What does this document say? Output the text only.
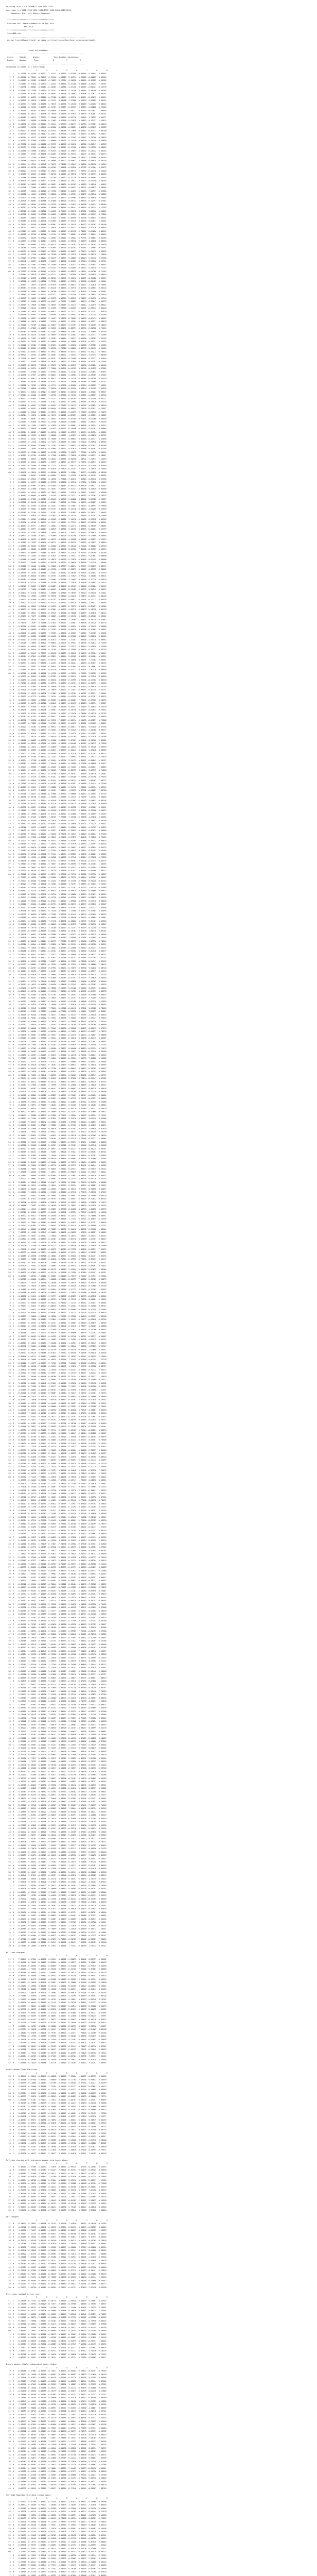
Entering Link 1 = C:\G09W\l1.exe PID= 4452.
Copyright (c) 1988,1990,1992,1993,1995,1998,2003,2009,2013,
Gaussian, Inc.  All Rights Reserved.
******************************************
Gaussian 09:  EM64W-G09RevD.01 24-Apr-2013
Mar-2014
******************************************
%chk=NMR.chk
----------------------------------------------------------------------
#p opt freq b3lyp/6-31g(d) nmr=giao scrf=(solvent=chloroform) geom=connectivity
----------------------------------------------------------------------
Input orientation:
---------------------------------------------------------------------
Center     Atomic      Atomic             Coordinates (Angstroms)
Number     Number       Type             X           Y           Z
---------------------------------------------------------------------
Condensed to atoms (all electrons):
1        2        3        4        5        6        7        8        9
1  C    0.12158 -0.51205  0.01277  7.57742 -0.17835  5.62509 -0.84684 -5.29844 -6.84045
2  C   -0.64760  8.78241 -0.75847  0.91140 -1.61523  0.34374 -6.59225 -0.10869  0.09410
3  C    0.54567 -0.29989  0.85249  0.76825 -5.27924 -1.96528  0.30565 -0.55225 -0.81962
4  C    3.61883  0.91036 -0.12347 -1.22325 -0.09854 -0.47188  0.48606 -4.59294  7.16752
5  H    7.20790  2.80581 -0.95181 -0.28502 -2.12886  0.47448  0.91287 -2.80427 -0.11776
6  H   -0.87483  0.17498 -7.49794  0.79251 -0.95120  4.14146  3.20645 -5.40346 -0.66265
7  C   -9.57999  6.61463 -0.70879 -0.89591 -0.02336 -0.28867 -4.07896 -0.72671 -9.98191
8  C   -0.19323 -0.04393 -9.83110 -0.97188 -3.24434  4.33916 -0.46411 -8.45679 -0.83424
9  C   -0.39193  0.20078 -2.45602  8.12131 -0.15688  7.97968 -0.02323  0.35582  9.34131
10  C   -0.04733  5.74606  0.90158  2.70319 -0.11948  9.45456  0.30463  5.01252  0.00446
11  H    0.44368 -0.26196  9.80959 -6.91761 -0.66283  0.05539 -9.56833  0.02888 -0.22203
12  H   -5.34345 -3.89163  0.19841  0.66046 -0.31164  7.88272 -0.82992 -0.03042 -1.95936
13  C   -0.94498  0.48312  1.06696 -0.79030 -0.55356 -0.93615  4.56970 -9.42087 -0.44197
14  C    0.46485 -5.40175  7.73731 -2.35408  0.60525 -0.82776 -7.31962  1.76595 -0.44777
15  C   -6.81387  2.38486  0.41556  0.17082  4.17858  0.21839 -3.28815  0.13427 -2.19522
16  H    0.54578  0.22034 -0.82584 -2.44444  5.07733 -1.00171 -0.11754  0.77661 -0.50413
17  C   -0.29639  9.54758  2.28541 -0.89480 -0.68686 -0.38221  0.43836 -5.69213  0.32185
18  C   -0.99973 -0.08294  0.23920 -0.82344 -1.35048  9.21656 -0.66567  6.83213  6.96708
19  H    0.82729 -3.80410 -8.74117 -0.25877  8.97728 -7.13263  0.41443 -0.50932 -0.34871
20  C   -0.06704  0.56173 -0.82128 -0.83659 -0.70581 -0.77462 -0.79611 -3.75206 -0.79818
21  H    0.34397  0.47990 -4.97351 -4.89000 -0.13703  0.73140 -0.00716 -5.50249  0.38609
22  H   -0.79352  0.51421 -0.20480 -0.99995  0.44976 -0.94210 -1.13786 -9.66547 -1.42353
23  H   -8.32759  5.97402 -0.54240 -2.27461  3.81713 -0.17166  0.58154  5.91950  0.18055
24  H   -0.81696 -0.23968  0.03925 -9.92524  0.24525 -5.19033 -5.19942  0.26722  0.68194
25  C   -9.74511  7.37543 -0.98456 -0.63465  0.99716 -0.95334  1.31147 -0.76174 -0.05174
26  C   -9.41221  4.11780  0.89853  7.65929  0.40905 -0.74000  0.10117  1.65586  9.36283
27  C   -6.49186 -4.08325 -0.31767 -0.50068  8.45122 -0.99632 -3.70688  9.68939 -0.58238
28  H    1.17644  0.12291  6.19942  6.70473  3.73268 -9.13649  0.98256 -0.06156 -0.24354
29  C   -0.49876 -0.66736 -0.66518 -0.02309 -7.90458 -0.64630 -0.67705  0.17904  0.02072
30  H    6.80624 -1.92713  0.26523  8.19873 -0.50408 -0.86713  2.73937 -6.11746  4.26440
31  C    3.16281  5.03644  0.44204  7.48740  4.11411 -0.98970  2.73791  0.96733 -8.84405
32  C    3.27966 -0.80669  0.59981 -7.61180  6.16512 -0.57236  0.35338  0.46564 -7.32802
33  H   -0.99420  0.24049 -0.37873  8.02461  0.30976 -0.29812 -0.75273 -0.64150 -4.58256
34  C   -5.45267 -0.28692  3.15055 -0.56651  0.94492  0.65183 -0.16183  1.58248 -1.41015
35  C   -6.27718 -1.72865  5.26843  0.38499  0.46330  8.60537  9.34731  0.85872  0.50904
36  C    0.15969  7.24623 -0.41620 -0.71958  2.83625  5.44033  0.38263  7.12997  0.59686
37  H   -6.33668 -4.15441  0.07233  5.58050 -1.92858 -1.55701 -0.49097 -0.65546 -0.18003
38  H    4.67524 -9.32562  0.94925 -0.75125  0.58323 -0.05965  9.00343 -0.80838 -4.20405
39  H   -0.02439 -9.06987 -0.01386  0.87080  0.08720 -0.50733 -4.86634 -0.71491 -0.57487
40  H   -0.11559 -0.48594 -4.52795 -0.44239  0.83140  4.21022 -8.80298  3.59534  0.83188
41  H   -0.55297  0.74756 -0.29965 -3.36566  8.09645 -0.98447  0.08355 -0.70234  3.12183
42  C    2.86900 -8.21005  6.61626 -9.44222 -0.72497  0.38112  0.47281  9.08110 -0.14012
43  C    8.42310  0.64696  0.57300 -0.54005 -1.48980  0.21534  0.50352 -0.96343  0.72804
44  H    1.44119  7.00823  6.13495 -5.37620  0.97587 -0.80590  0.31768 -9.89815  5.40141
45  C    0.92689  0.81590 -0.55640  0.01985 -3.19539 -9.57279 -9.05718 -5.84611 -2.65561
46  H    0.73354 -4.95456  0.98306  9.03961  0.69935 -9.39420 -5.06173 -0.79103 -6.58196
47  H    0.39214  7.60571 -4.77992  4.78918  0.91525  4.85331 -0.56393  1.62526  0.96802
48  C   -0.27107 -0.16293  1.65381  8.12620 -0.86319 -6.89198 -0.78887  0.64026  0.88215
49  C   -0.58912  0.35750  6.10708  1.21116 -0.79029  7.90081 -0.07605  7.10074  0.50649
50  C    0.02442  7.60134  0.25922  5.46382  0.46111  5.46622 -0.72795  0.58801  0.81550
51  H    0.52633  0.07583  6.60314 -7.32570 -0.52257 -0.98130  6.56679  4.16058 -0.86366
52  C    0.68822 -0.96084 -7.10717  0.94475 -0.78455 -0.76283 -0.37279 -6.26783  0.55436
53  C    8.74288  5.32845  6.58479 -5.01895 -5.53215 -0.63383 -3.41041  1.19985  0.52957
54  H   -0.84757 -0.63448  0.76173 -0.78239  5.35631 -0.00257 -0.73573  5.76115  0.33035
55  C   -2.61291 -6.17138  0.85212 -0.79180  5.49889  0.23519  4.36960 -9.68270 -1.78026
56  H    0.77509 -0.87963  5.53104 -8.32579 -2.94393  0.48865  0.43013  5.91770 -9.27658
57  C   -0.55942 -4.60537  3.02958  4.96493  1.44762  0.87269  8.67224  0.95376  0.29751
58  C    3.95679 -0.77807 -8.67455  0.74480 -9.53635 -3.82527  0.18652 -4.81053 -3.60562
59  C   -0.43986  0.73104 -0.22357 -0.61234 -9.29090  0.03605 -0.58111 -0.16330  2.77152
60  H   -0.77591  0.43100 -8.82665  0.93741  0.13815 -0.88539 -0.70111 -0.61766  8.71142
1  H    4.92464  0.38970 -0.36103 -0.61211  5.38212 -7.82656  0.70923  0.66820 -6.58839
2  C   -0.93721  0.82320  0.16180 -0.00784 -6.23971  0.41216  0.45857 -0.31188 -0.02267
3  C    3.36308 -0.12653 -9.61806  3.73705  0.34913  0.91510  0.39258 -0.30483 -0.11541
4  C   -1.37603  7.19513 -0.82049  0.97078  0.85876  0.86814 -0.16157  3.12826  0.76048
5  C   -0.88363  0.02184 -0.45747  0.81426  0.45430 -0.54970 -0.61748 -0.20653  0.06216
6  C    0.61056 -0.29981 -0.10113  6.38700  0.61104 -6.77932 -0.01835 -2.74400 -0.82881
7  C    0.33881  0.44693  0.61271 -0.67317 -1.58651  4.03198 -5.92567  0.28615 -0.26928
8  C   -4.45799  0.16029 -0.24803 -0.31272  0.13904  9.83813  0.24057  0.54372  0.19714
9  C   -1.19813 -2.55496 -0.46731 -0.43427  0.75721  1.68853 -1.00574 -6.93047  5.64275
10  C   -2.44959  0.19858  0.09684  0.28935 -0.68069 -0.34415 -7.50412  4.21519  0.08522
11  C    2.09628 -9.28112  0.62345  0.44456  2.63606  0.84603  2.16521 -0.78542  3.83428
12  H   -0.21485 -0.16025 -0.22701  0.98813  6.20971 -0.71121 -0.02076  0.27257 -1.02829
13  C   -0.05558 -9.85502 -5.34765 -3.08308 -0.87403  0.45942 -0.80177  5.52255 -0.34269
14  C    0.91598  0.58997 -0.09705  9.19427  0.66132  8.70285 -0.20676 -0.17474  3.98422
15  H    7.38880 -0.18075  4.53112  7.39240  0.35657  5.15201  0.54415  0.45577 -0.99678
16  C    0.74028  3.25789  0.55122 -6.32819 -0.90533  6.47257 -0.91332  0.51169  0.28033
17  H   -0.49341  5.47865 -3.14155  0.94522 -8.34491  0.88991  0.58756  0.20908  0.75454
18  C   -0.05384 -0.48366 -0.59362  6.52383  0.83460 -0.31857 -0.41701 -3.10099 -2.84259
19  H   -0.24048 -0.34216 -0.81187 -8.50849 -0.94126  0.52683  7.48277  0.13317 -2.12389
20  C   -0.18520  0.77891 -0.45657  3.55281 -3.90484  7.38237  0.43280  1.99383 -7.52143
21  H   -0.42094  0.76436  0.46613  0.56090  8.51140  6.20808 -0.47578 -0.19171 -0.13192
22  C   -5.15226 -2.32184 -7.90706  0.87094  8.51509  5.09036  0.16358 -7.49983  0.12483
23  C   -0.32607 -8.83565 -6.03609  9.82930 -1.73328  2.48603 -0.83770 -3.70499 -0.25104
24  H   -0.67447 -6.03361 -5.34311  0.29811 -0.08140 -0.83333  5.85511  6.44273 -0.70643
25  H   -8.99923 -4.34782  0.44805  0.36587  0.30632 -1.50352  7.24254 -3.04432  7.88280
26  H    9.17318 -0.60622 -0.92195  0.66151 -0.34969 -0.74566  6.09396  0.33277 -5.87894
27  C   -9.32622 -7.53489  0.23840 -0.30263 -1.29672 -8.47659  0.97551  0.31181 -0.17446
28  C    6.55195 -8.08676  7.37740 -0.53272 -0.74350 -0.09215  7.05298 -0.69684 -0.05166
29  C   -0.62170 -0.55574  0.42175 -7.75660  0.91376 -0.41122  0.60742  0.14252  0.07062
30  H    0.63793  1.47308  6.17593  5.91992  0.53964  4.11163  0.52754 -1.97651 -7.02675
31  C   -0.16538  0.47947 -0.08831  0.00851 -0.46462  5.16984 -0.20718 -0.09389 -0.67401
32  H    8.90209 -0.89877 -0.73918  0.50477 -5.49640 -9.14746  0.98969  0.89208 -0.44216
33  C   -1.29484 -0.06764  0.43660  0.81532 -0.24011  7.76466 -9.25060 -0.20889 -4.57742
34  C    9.18210 -0.73702 -1.96776 -0.17711  0.97630 -4.89626 -0.17984 -0.66223  7.54561
35  C   -0.71362  1.98020 -0.57141  3.36120 -9.06559 -0.42290 -4.10434  4.14789 -2.92910
36  C    5.98474  4.35014 -0.47124  0.20069 -6.35614  0.08158  0.45105 -1.69204  0.39367
37  H   -7.07227 -0.62480  0.24569  7.43750 -5.87406  0.72136  0.62065 -5.68527  0.06740
38  C    4.00137  5.67953  7.58402  5.51732 -3.23663  0.89765  2.40364  0.54398  0.35171
39  H    0.65514 -0.51141 -2.72608  5.81421 -0.81352  0.15985  4.89189 -0.24526 -0.31510
40  C    0.94048  6.49451 -9.27589  6.04424  6.77589 -0.16735  0.02762  0.02054 -0.90218
41  C    0.06482  0.04437 -9.16418  0.98494 -9.67618  0.88024  7.75420 -8.87011 -6.74957
42  H   -1.26166  0.92642  0.86584 -0.20914 -9.40501  8.44599 -9.77298 -0.60372 -0.75072
43  H   -3.05324  9.19076  1.16727 -0.76175  6.04621 -0.87057 -1.25592  0.93831 -3.20825
44  H    1.13769  4.60597  0.23747 -5.30933  9.94907 -0.64180 -9.71931 -0.04486  4.60408
45  C    0.87903  5.81850  0.77744 -0.33766  0.81678 -0.03084 -1.15081  5.88743  9.20139
46  C   -6.11317  0.17404 -7.88032  0.47855 -9.72977 -0.00681 -0.00566  0.18124 -3.55213
47  H    0.38031 -3.50026  0.53386 -1.62543 -6.02752  0.16486  0.83164  9.03781 -0.40886
48  H   -8.69324  2.88203 -7.04475  0.02918  0.29165 -0.63313  9.09174 -8.34534  0.53081
49  H   -0.14416 -0.22223  0.19147  1.58668 -2.21871  4.07879  0.22076 -0.90670  0.82799
50  H    6.97771 -5.54167  3.64678 -0.76560  0.72737 -0.86644  0.01948 -0.20777  0.55058
51  C    0.83549 -0.12118  0.25342  0.72473 -0.68255  8.71065 -0.71202  0.95978 -0.85365
52  C    0.92948  0.33505  8.88563  0.11193  0.69127  2.06824  0.38699 -0.02812 -0.93788
53  H    8.99494 -3.18493 -9.95328 -0.43965  8.54707  0.97625  4.24906  0.45383 -0.82794
54  H   -0.96433 -8.12980 -0.51553 -0.41768 -0.27250  3.15072  7.77126 -1.94976  0.90494
55  C    4.42927  0.61794 -0.86342  0.17168 -4.00214 -7.76638  0.32636  0.56311  0.18051
56  C    8.18810  1.90329 -1.93296  0.58152 -0.42351  8.90398 -1.18741  7.21914 -7.11094
57  C   -4.35451  0.04615  0.82199  4.35279 -6.44847 -0.46777 -0.71251 -0.46547 -0.66494
58  H    0.22953 -6.35580  0.76886  0.17124  3.37003 -7.09174 -0.12778  0.62440  0.01650
59  C    2.89052  0.80563  0.60411  0.82028  0.71425 -6.54793  2.21871  4.29810  0.73446
60  C    2.55470  0.28954  0.99331 -0.88306  0.33728  3.55864 -7.06773 -0.01838 -0.96168
1  C    1.22608  1.06267 -3.81267 -0.05604  7.36257  2.42550  0.85790  0.14395  4.03404
2  C   -8.56447 -6.39249 -7.69787  0.10996  1.72840 -7.04612 -7.19925 -5.89146 -6.57956
3  C    0.94176 -2.49477 -8.50180 -0.53936 -4.03438  6.19316  6.27666  9.79638 -0.15193
4  C   -0.44496  0.67682 -0.48047 -0.67685  6.30881 -0.88134 -0.88328  5.66427 -0.82543
5  H   -0.78435 -0.31098 -4.81644  0.28391 -2.85931  0.57427  8.89206 -5.01620  0.94500
6  C   -0.54324  0.26243 -0.19321 -0.70029 -1.23011  1.55916 -8.75857  3.61917 -4.02366
7  C   -4.38452  9.09405  0.30459  1.42155 -1.45790  0.13211  0.48202  0.11383  0.16333
8  C    3.38666 -0.37623 -0.69813 -0.82455  0.52845 -9.84808  0.88260  5.25720 -6.23337
9  H   -3.66212 -0.34140 -0.09642  4.67481  7.08342  0.79900  0.61599 -0.03821  0.12034
10  H    7.74074  6.37363 -0.19276  0.23431  2.39575  0.73661  0.78714  0.48993 -0.79698
11  C    3.45945  0.99833  0.41409  0.61791  0.44931  0.45148 -0.90642  3.26209  0.47036
12  H   -0.69381 -0.22764 -0.72649  7.97291 -0.07605  3.81893  0.93654 -0.38741 -7.50463
13  H   -0.57359 -3.05976 -0.13919 -5.67052 -3.79690 -0.44130 -1.34594 -0.47192  0.12696
14  C   -9.29184 -3.53961  6.88340  0.44463 -6.90021  7.16478 -0.64451  0.73318  0.05943
15  H    3.07296  0.43705 -2.50077  0.12247 -0.64284  0.73794 -0.80873 -8.52358  0.81854
16  H   -6.48097 -0.87277  2.98645 -4.28601 -1.70250  0.43172 -4.49846 -9.38409  7.68501
17  C    3.46614 -0.59977 -0.04204  4.88949  9.43801 -3.56490 -0.49835 -0.42004 -0.22797
18  H    0.47044 -0.51401 -8.33848  2.76355  0.84129 -2.99537 -6.02915  0.40029  0.66070
19  H    3.83873 -8.73208  9.54072  4.82999  7.01226 -0.81100 -3.25283  9.23808  9.60965
20  H    0.06670  0.94239  0.56293  0.58419 -0.81590 -9.34088 -6.34585  6.99897  0.57013
21  C   -0.37105  0.75253 -6.44470 -0.90772  2.09679 -0.89720 -7.96253 -0.79613  0.60934
22  H    3.55658 -8.30436 -3.39575  0.01080  0.06807 -3.36128  0.72428  9.48062  0.53769
23  C   -1.15681 -4.38606  8.16658  0.56369 -0.13578  0.81702  7.80101 -0.07369  0.13219
24  C   -3.83831  0.06999  1.51389  0.40357 -0.70434  0.77829 -0.82755 -6.08299  4.97788
25  H   -0.89941 -0.12563  0.25104 -0.41024 -0.23638 -3.10331  0.57662  9.67687 -0.66800
26  C   -1.87106 -0.36497  0.07239  0.26079  0.81749  0.73016 -0.42095 -9.07459  0.03608
27  H    0.26542 -7.28284 -0.61294  0.04356 -0.06743  0.56026 -0.86349  7.97128  1.59388
28  H    4.52006 -9.25446  0.55924  0.19002 -0.37879 -9.00274 -0.97937  8.16015 -0.82275
29  C   -0.37427  0.14848 -3.43167 -0.49120 -1.22762  6.38675 -4.04415  0.03192 -3.98002
30  H   -0.58995  0.19103  0.89588 -1.54407 -0.46262  0.28205  0.92929 -0.74652 -0.57253
31  C    2.43236  6.03438  0.41837  0.52755 -0.52583 -2.72625 -0.76222  3.26380 -0.09325
32  C   -0.84384  0.93508 -5.96691  1.41084  0.87680  3.75892  0.66305  5.77778  0.66329
33  C    8.83376  6.61274  5.11188 -0.35700 -0.80750 -2.23020  3.84096  5.94093  0.13537
34  C    0.30761  2.94359 -3.38237  8.04887 -8.44170 -0.59405 -9.38580 -6.67884 -6.46159
35  C    0.23751 -1.71836 -0.85484 -0.09045 -3.50489 -0.22485  6.14772  0.56345 -0.94672
36  H    0.51874  0.51578  0.06631 -7.30898 -5.17816  8.78395 -6.65724  0.65230  0.11641
37  C    4.78472 -0.19350  1.22745  8.55376  4.99528 -0.31216  3.24871 -0.33344 -6.48140
38  C    7.03121  6.61060  0.71571  8.91752  0.02870  0.66977 -0.71591 -0.17773  6.05316
39  H    1.49477 -0.41213 -0.60543  0.55724  0.65613 -5.80376 -3.86840 -7.38572 -7.96065
40  C    5.89146 -0.50436 -3.65346  0.51235 -6.61403 -0.75079  8.61471 -0.83697 -0.26586
41  H    0.38633 -0.73290 -0.05171  0.67681 -0.15229  0.89310  0.50433  0.18758 -0.84728
42  H   -3.91084 -0.28911  0.32932 -6.59242  5.47668 -0.76600 -9.45919  2.54818 -7.68724
43  C    0.47297  6.72677  0.03082 -3.90869 -0.49363 -9.19436  0.50455 -3.45122  0.33401
44  C   -0.87954 -5.20370  6.76252 -8.20542  9.39866  2.78464  1.08831 -0.50730  0.52882
45  H    0.73039  7.18167  0.70388 -5.47025  0.99013  1.54861 -5.09628 -0.53420  0.03176
46  C   -0.36728 -0.65492 -8.55418 -0.02094  0.83618 -7.03824 -9.12551  9.75429  9.84808
47  C    7.38846 -8.68030  0.73291  0.23303 -0.86150  0.65920 -0.06908 -0.42904  0.56697
48  H   -0.65276  0.44304  3.51595  7.27229 -1.83145  0.15535  7.55367  7.27709 -5.61265
49  H    0.89339 -0.65382  0.80927 -0.54452 -8.38640 -0.27062  0.44349  9.58016 -4.80135
50  H   -0.92517  0.57459 -0.48388 -0.32913  2.76955 -1.31361 -1.96056  2.55710 -0.89952
51  H   -7.07210  7.18836 -0.89421  9.96854  8.61171  6.49357  0.68240 -0.12612 -0.71448
52  C   -9.03344  0.50933  8.58213 -0.12829  3.15243  2.13512  4.06019 -5.64026 -2.27486
53  C   -0.38263  0.89429  0.16568 -6.73705  1.88555 -0.25989 -0.43878 -6.19727 -0.03730
54  C    4.00377 -0.62111  0.79979  0.09518 -0.04359 -1.10340 -8.95199  0.73764 -5.94547
55  H    4.06404  6.67841 -0.87525 -0.93891  1.31164  5.81902  8.08359  0.24264 -0.42391
56  H   -0.76710 -9.38786 -7.91547 -0.96735  7.06636  0.10696 -0.96391  7.77984  9.86951
57  C    0.50334  2.56541 -7.33050 -1.44453  0.93591 -4.30221 -1.44093 -8.47677 -3.68133
58  C    0.65597 -3.44942 -5.57785  8.56944  0.44246  6.67884 -0.51615 -0.78867  0.76392
59  C    7.21665  8.06147  9.13263  0.62326 -3.35468  8.02512  0.61891  2.82176  0.00658
60  C   -0.56500 -0.81488  3.40586  0.11128 -0.36699 -4.76955  0.76905  9.51269 -2.01903
1  H   -0.32132 -0.69569 -3.56061 -9.07382 -9.17550  0.30479  2.65818  0.17540 -8.30650
2  C    0.26135 -8.42438 -8.86557 -0.68536  8.95576 -0.33990  4.71948 -0.27382  0.85490
3  H   -9.71305 -0.00205 -1.45962  0.69572 -0.11897 -0.41721 -0.32244 -0.32193 -2.62526
4  H   -6.92130 -5.51063 -4.36746 -0.39856 -0.11552 -0.67404  9.87603  0.96818  6.25703
5  H   -0.31470 -0.51209 -0.35767  0.79059  2.33102  5.13057  0.99597  9.43338 -6.34731
6  H   -8.82236  5.28378 -0.35936 -5.57802 -0.48669 -0.41764  4.14781  0.35271 -7.16667
7  H   -6.23122 -0.07773 -9.66504  2.16744  6.81884 -0.43528 -0.51746 -0.57701  9.66315
8  C    8.26835 -0.98683  0.33325 -0.96602 -0.48956 -8.05281  7.78172 -0.23302 -6.28995
9  H   -4.64463  0.60973 -0.46628  1.84045  3.63177 -0.64493  0.81403  9.86994  2.69007
10  H   -0.28097  5.57630 -1.12003  0.77186 -6.92010  0.85441 -4.16049 -6.26835  0.24520
11  H   -0.48070  1.84028 -0.98046  4.94967  0.56093 -0.46158  3.41007  0.03043  0.70544
12  C    0.11535  0.07534 -0.63338  7.54595  0.26397  0.73426  0.70866  6.56310  0.52783
13  H    0.16767 -0.81163 -0.03991 -8.99871 -4.03867 -0.97165 -0.87482  0.65205 -0.36635
14  H   -0.40398 -7.05298 -0.46547 -0.99312 -7.82099 -6.22514  6.21433 -0.43297 -0.79808
15  C    0.69053  0.75855  0.97266  9.87183 -0.95097 -0.44673 -0.06801  0.87655 -1.06867
16  H    5.56121 -3.52195 -9.16890 -0.96512 -6.20353 -0.08011 -0.60442 -9.07030 -0.37296
17  C    0.89034  1.78524 -0.28843  0.40304 -6.85314  0.54526 -5.47214  2.10108  0.69377
18  H   -0.90559  4.92678  1.85185  0.71514  0.55168 -3.54578  3.17353 -0.51895  1.98251
19  H    0.71772 -2.30718 -9.09611  4.09439  0.49186 -0.63765 -1.39583  0.52926 -0.16198
20  C   -7.64420  0.66883 -6.16032  0.51680  6.84619  0.87507  0.66840 -0.20700 -9.85682
21  H   -8.39669 -8.88932  8.37526 -0.22820  0.60526  0.84406 -3.01912  0.30315 -0.72348
22  C    4.85802 -6.13872 -1.84739 -9.42850  7.66118 -8.10922  0.72109  0.79426  0.09993
23  H    4.65081  0.59895  0.38507 -0.81851 -0.83897  2.00249  0.10160  1.49048 -0.00309
24  C    7.21622  4.47051  0.76301 -0.09499 -9.56910  9.82510 -0.92473 -0.82383  0.96127
25  C   -0.30630  0.33168 -9.08942  8.11343  0.35742 -7.66607  0.35491 -2.78712  0.24610
26  H    4.12174 -1.97788  0.54822  0.23044  0.57726  3.54132 -0.41427 -0.88843 -5.25137
27  C   -3.88383  3.33959 -0.20502 -7.95430 -3.01483 -0.10589  0.77900 -0.06656 -0.91417
28  C    0.17474  4.39266  7.51115 -0.49465  0.13407 -6.71365  5.95216 -0.85631  1.09859
29  H    9.10194  0.11196 -2.93270 -0.50303  7.66641 -0.82995  9.54124  5.13915 -0.71848
30  C   -3.36351  6.05127 -0.23323 -0.75266  4.04870 -0.58781  1.45850  4.08316 -5.16461
31  C   -0.23773 -4.57776  6.28764  0.97251  0.89444 -0.69186 -7.24666  8.94796 -4.75454
32  C   -2.07527 -0.63848 -0.30605  0.81444 -0.43750  0.48134  0.04011  1.89403 -7.49777
33  H    0.71105 -9.06113  0.51170 -0.04785  0.99548 -0.62991 -0.15860  4.34114 -0.12269
34  C    2.89609 -0.52611  5.57339 -9.53858  0.15017 -9.94770  2.28601  0.80794  0.32349
35  H    8.92344 -0.61577  3.43201  0.16161  7.98174  1.21339  0.67701 -0.28627 -7.85708
36  C    0.58716 -3.66427 -0.13688 -8.47668 -6.96313 -3.98868 -3.01012 -0.15583  4.31739
37  H   -0.40990  0.06758  0.37017 -4.40406 -2.65389  0.25325 -0.71165  7.16452  0.34003
38  C    0.04314  0.01343 -5.12174  0.93548  0.30700 -0.07663  6.98182 -3.06842 -0.99294
39  C   -8.74700  0.05752 -0.34565  6.81216 -0.83718 -0.06134 -0.44805  4.71819  0.64889
40  H   -5.02932 -8.43347 -0.09940  3.46193 -5.18913  8.85528  2.87912  4.53669 -0.59251
41  C   -9.21802 -9.17567  9.61154 -0.59428 -0.07770 -0.27923 -0.06306 -8.11908  4.61874
42  C    0.15881  0.19906 -2.81276  0.37214  4.06207  0.21600 -7.66392  0.15039  0.47253
43  C   -1.56147  0.57443  0.98195 -7.60725 -7.77066  7.35400 -0.93938 -1.47076 -6.40784
44  C   -0.16915  0.42459  5.96519 -0.73978 -0.52258 -0.65312  2.26629  0.28951 -0.58795
45  C   -0.47897 -0.10848 -0.11042  0.05843  8.67190  0.26649  0.57731  7.13229 -2.64017
46  C    4.63786  1.54235 -5.52435  0.07217  7.93484 -3.63803 -5.60185  0.74755  0.02853
47  C    1.34422 -0.12677  2.27255  0.33231  8.05684  6.35022 -0.59943  0.83074 -0.30906
48  H   -9.54715  9.68244  0.00257 -4.26578  3.79098 -0.76543 -5.83625 -0.00634  0.27258
49  C   -8.09799 -0.27058 -0.86923  6.78215  0.26072 -0.57875 -7.41178  9.70876 -0.75123
50  C   -0.17774 -0.73832 -3.13306  0.45533 -2.59568 -5.81464 -7.07888  6.45113 -0.86814
51  H    5.64909 -0.73744 -1.15921  7.50454  0.77527 -0.97976 -4.15852 -1.74991 -0.84336
52  C   -0.14357 -0.86670 -0.13510  0.89074  0.75403 -0.76097  3.50977  0.35624  8.53275
53  H    7.27683  0.42328  0.80817 -5.37389  0.11499 -0.46925 -0.26542 -0.43403 -0.43185
54  H   -0.08676  0.60780 -0.62562 -5.77143 -1.10974 -6.09825  0.91396  0.40621  0.49856
55  C    0.29581  0.19922 -5.16710  0.54308  8.10691  0.97748  5.49614  0.73698  6.75369
56  H    6.84036 -0.80864 -5.74983 -0.81252 -0.23729  0.80501  0.56130 -0.57335  0.83314
57  C    9.23603  8.37303  3.04501 -5.76037 -0.44629  8.66590 -0.76086  0.47383 -1.45396
58  C    3.41667  0.76051 -0.18073 -0.53143  0.02939  0.41531 -0.31193 -0.53584  5.48388
59  C   -0.47535 -6.00746 -6.29432 -5.36720  5.16898 -0.92537 -3.94384  0.60468  7.60177
60  H   -5.70662 -0.21560  0.50777  0.58711 -3.97342 -0.71718  0.39302  9.57956 -0.18287
1  C   -1.72659  6.50506  7.06181 -4.99460  2.43459  0.70739 -4.00334 -1.82107  0.30567
2  H   -9.17147  8.80298  0.47816  0.12334  2.10905  0.17296  0.70086 -6.99228 -0.81742
3  C   -7.36223 -7.17584 -0.18248  0.74562 -0.13080  4.72197  0.20894 -6.73654  0.21947
4  H    5.86163 -0.29746 -0.02265  0.47233 -0.71377 -0.22291  0.11775  1.84739 -0.21946
5  H   -0.80802 -5.32176  0.58111 -9.99014  0.67806 -0.66675 -0.31964  0.98089 -0.06632
6  C    0.26025 -0.83531  0.67078 -0.26716  1.86660  0.26806  0.52023 -5.87671  8.94959
7  C    0.45147 -2.50060 -5.33891  0.21726  9.91041 -0.63230 -9.24357  0.88029  8.06336
8  C   -3.14626  9.95165 -4.87226 -0.07044 -2.48302  1.89060  0.37745  0.93416  8.46828
9  C    0.25210 -7.35434 -9.10211 -0.61791  3.88383  0.50373 -0.83977 -0.95076 -0.32307
10  H   -0.74342  0.62605 -0.99420  0.56867 -0.80878  0.67591  3.06687 -2.62123 -7.83608
11  C    3.96356 -0.70435 -0.89353  0.74240 -0.73485  7.73500  0.62547  9.93904 -2.44659
12  H   -0.92735 -5.84636  0.71898 -4.73285  3.07699 -9.87449 -0.03774  0.07040  3.98714
13  C    0.83485  0.16419  0.42974 -6.40098 -0.27990 -0.46496 -0.35579  0.59084  8.44041
14  H   -0.84174  0.20262 -8.04458 -7.27178 -9.48251 -0.48002  0.25775  9.93467  0.49256
15  H    5.55238 -5.49580  0.78799  0.00043 -0.22206 -0.37215  7.59662  0.30916  8.93647
16  C   -0.98040  0.19770 -4.28721  4.24280  0.41103 -0.22157  0.92155 -0.72750 -4.77383
17  C   -0.19557 -0.45059 -0.38669 -0.64582  9.44830  0.26182 -8.92378  7.66178  0.89181
18  C    0.53320 -7.96931 -0.86986  6.35408  6.32442  1.82973 -0.61423 -0.40115  0.99506
19  C   -3.55838  5.59919  0.26374 -4.04861 -9.02683 -7.60588 -0.27958 -3.83805 -9.14549
20  C    1.68193 -8.30658  1.93124  0.81979  7.77726  8.32373 -0.99158  1.45370  0.78644
21  C    0.83986  5.06644 -4.21219 -7.33856  0.70454  0.51124 -0.32609 -0.22720  5.36291
22  H    5.41872 -9.15826  0.34047  0.70581 -3.87689 -0.24868  6.29012 -0.54474 -6.34122
23  H    0.08288  0.89576  7.68304 -0.49701  0.38377 -0.93504 -0.20652  9.64378  0.00977
24  C   -0.69144 -8.05521 -0.03277 -2.74417 -1.72445  4.45988 -0.54258  0.66433 -6.49331
25  C   -4.53935 -0.39620 -0.36522 -0.41037 -0.21066 -0.85251  0.72580  0.62304  1.97231
26  C   -6.18176  0.56199 -8.27812 -7.62877 -0.40370  0.79292 -0.70388 -0.94347  0.39513
27  H   -0.22737 -9.00094  1.28832 -0.15294 -1.65166 -0.17945  5.69642  0.10680 -7.28472
28  H    4.90072 -0.04787 -0.19976  0.07994 -5.38254 -0.73875  0.95730  9.52846 -0.58716
29  C   -0.10164  0.00136 -7.61891 -1.44487  2.48637 -0.15042 -0.65030  0.25517 -0.22413
30  C    0.65398  0.05626 -0.10309 -5.36094  5.59705  0.46826  0.84390 -0.66478  1.32202
31  H   -7.92773 -0.03751 -7.90475  0.01006  0.46285 -0.07407  0.57215  2.78026  0.84605
32  C   -5.34174 -9.52778  0.79940 -8.08505  0.17413  0.06828 -2.12466  0.39362 -0.01469
33  C    0.20207 -0.10313 -8.95190  4.09456 -1.64498  0.22245  1.13520 -0.22162 -2.33976
34  C   -4.69136 -5.31773 -8.43381 -0.78668  6.25995  0.97488 -0.11626  0.43191  0.33018
35  H   -0.08245 -0.46710 -0.31061 -9.21596 -7.93904 -0.71765  4.42961 -6.94779  0.85678
36  H   -5.29612  0.45508 -4.14146  0.51704 -5.04441  9.16461  2.11848  0.73080  0.00633
37  C   -7.05684  0.30267 -3.45362 -4.76929 -2.15492  0.24142  0.17775 -7.52169 -3.01432
38  C   -0.91313 -7.08282 -0.25857 -6.50429 -0.82212 -0.67488 -8.50686  0.82330  2.23628
39  C    2.49271 -0.43579 -8.26620 -3.79998 -6.26792  3.83616  9.72214  0.05258  0.68645
40  H    3.30916  2.99143  5.36917  7.72634 -0.22828 -0.44112  0.97361  5.59122  0.78455
41  C    0.80711  1.57022  0.78883 -1.61668 -0.77186  0.29930 -0.26007  7.81199 -0.80821
42  C    0.19019 -0.94240 -2.99280 -4.48337 -6.98217  0.45725  2.27949 -2.50326 -0.36029
43  H    0.47400 -0.70901 -3.63212  0.79534  0.42098  7.60605  2.09285  1.99117 -0.57854
44  C    0.91161 -0.37860  6.64935  3.78018 -7.25772 -0.76989  0.48131 -0.98776 -2.23234
45  H   -0.87352  7.68579 -9.98791  1.45362 -0.88538  9.70705 -0.18761  0.99769  6.99460
46  H   -0.44311 -8.88460  0.78759 -5.75463 -4.34396 -0.32008 -2.81893  0.00115 -5.57373
47  C   -0.76630  5.40406 -7.96922  0.80196 -9.34542  0.75899 -0.09274 -6.50231 -3.70276
48  C    8.91478  5.30487  0.90818 -0.76557  0.64504 -0.24270 -0.44114 -3.70027 -0.30098
49  H   -5.87063 -0.40587 -1.77358  4.93544 -0.96107  0.15016 -6.66590 -2.01449  6.81387
50  H   -3.93278 -2.74846  2.36591  0.94350 -0.87016  0.44991 -8.49348 -3.72891 -0.68861
51  H   -0.68149  0.17665 -7.45036  6.52203 -0.27360  0.65039 -6.99288 -5.20156  4.71734
52  C   -1.24537  0.57209  0.57529 -1.64300  6.74297  0.00466  8.88529 -0.57534  9.71073
53  C   -0.13600 -6.50283 -4.01192  0.63597 -6.99306  0.13621 -3.88366 -0.32240  0.65508
54  C    0.24091 -0.45959 -1.25103  2.32013  1.92010 -5.16718  8.71262  3.80641  8.50926
55  H    7.77803 -1.21253  8.78867 -7.15664  0.30503 -0.92324  2.16795  7.12800  0.14502
56  H   -0.16113 -7.52572 -8.76938 -2.87311 -0.58863 -3.48800 -8.76457 -0.66543 -0.50585
57  H   -0.50798  0.45510  0.60131 -0.19281 -0.12479  0.08933  1.03849  0.16570  0.66993
58  C   -0.04671 -0.65255  0.56670  6.72788 -0.23553 -0.80022 -8.48457 -0.50369  0.36557
59  H   -0.63533 -0.74838  6.42687  0.00700 -7.04810  0.82823 -0.48029  4.31353 -0.33807
60  H    0.90516  0.75405 -0.73246 -7.88923  0.60934  0.30185  0.83181  6.68347 -0.23791
1  H   -0.76474  8.11514 -5.27872 -1.65612  8.85948  2.07056 -4.73894 -0.39147  0.47902
2  H    0.27473 -8.04372 -0.08985 -0.64775  7.85494 -0.49937  6.33471  0.80129  9.91735
3  H    0.31367  0.27058 -2.93081  2.76998  2.27735 -0.45808  8.88469 -2.78078 -0.03927
4  H    0.45705  1.04287 -5.71519  0.60247 -0.49721 -0.06807 -8.26183  0.88278 -0.69426
5  H    4.02375  9.12783 -9.98620 -4.18253 -0.28439 -4.98260  0.29816  0.27770 -0.68308
6  C   -0.44911  0.83805 -0.24722  0.83829  0.56372  8.79681  0.10717 -0.84024 -0.90082
7  H   -0.54802 -0.94090  0.26909  0.81037 -0.55165  2.07725 -0.71991 -8.47591  3.50060
8  C   -4.19050  0.23642 -4.92884  0.52884 -0.08112  6.64883  3.47102  6.93930  0.47080
9  C    0.45015  0.28977 -0.76155  7.28284 -5.49374  0.91165  3.21236  8.15183 -0.98922
10  C    0.05340 -4.90724 -1.72702  2.91409  0.55593  0.86778 -3.77984  2.50737 -0.55470
11  H   -0.35622  9.99871 -6.58445  0.26860 -0.77137  8.23397  0.61364 -0.11669  0.28672
12  H    0.84477  4.59088 -0.00273 -0.21968  0.72179 -1.16564 -0.63599  0.52154 -4.71142
13  H    0.94624 -0.71184 -0.06357  0.87894  6.58891 -2.54570  0.08917  0.01110  0.42480
14  H    4.24211 -9.63529  3.38032 -0.09086 -0.52181 -1.89386  9.31104 -3.20833  5.98011
15  H    5.68098 -0.82067 -1.37423 -1.72282  2.10554 -0.37163 -0.93118  0.11215  0.48675
16  H   -0.59100  0.22908  4.29818  0.40628 -4.09448  0.67401 -0.83719  2.66838 -0.87810
17  H   -2.44436  1.79552  3.29878  0.09011  0.50090 -5.40132 -8.67172 -0.85159 -0.76199
18  C   -0.54654  2.83831  6.67695  7.03824 -0.24976 -0.20216 -0.73100 -0.57965 -0.28220
19  C   -0.17014  1.65372 -0.85920  7.06764 -0.81575 -0.51316  6.76260  8.51277 -6.30084
20  H   -0.52882  0.26245 -8.49571  1.59808  1.30093 -0.39551 -9.47857  4.23663  0.40038
21  H   -0.66580 -0.39408  2.45962  2.41967 -0.82581  0.77101 -2.02118  0.27948 -0.94468
22  H   -0.80947  0.93037 -0.09729 -0.38627 -0.72668  0.01727  0.46286 -0.40225 -0.99781
23  H   -5.95619 -0.88151  6.33016  1.94865  1.99100  0.77821  0.52239 -0.96103  0.83744
24  C    0.43639  0.97894  4.30710  2.75480  3.15724 -0.16461  4.88803  0.52287  3.32665
25  C   -6.75643  3.57399  0.54888  9.60520 -0.30891  0.09862  0.35594  0.33960 -1.47934
26  H   -6.11488  5.81019  0.61097 -0.52486  5.41255  0.71319 -6.23114 -0.40592 -5.36454
27  H   -5.84885  0.23622 -0.94473  0.63770 -0.99181 -0.99375 -0.82491 -0.16144 -0.61685
28  C    0.06466  2.79801  9.12637  0.58045  2.70902 -0.43577  1.88837  0.91015 -0.24714
29  C   -7.43098  4.83359  0.91764 -7.48911  0.98989 -6.56079 -0.55102 -0.77649 -2.48311
30  H   -0.71804 -7.88906 -0.04702 -0.83805 -0.91509  0.11692 -0.30991  0.49576  0.04012
31  C   -7.55221  5.30907  0.82732  3.06867  0.84608  0.24744 -2.05118 -0.85726  0.53792
32  H    8.42884  6.58848 -6.13666 -0.61077 -6.21656 -0.19664  5.71999 -0.14290 -0.46480
33  C   -5.22488 -0.26311  0.95718 -3.18424  0.37923 -9.99254 -1.32879 -0.10807  0.13691
34  H    6.98045  0.94405  1.26269 -0.26903 -7.50034 -0.18433 -9.92593  8.70696  0.04057
35  H   -0.20207  9.40818 -0.14960 -1.55650 -0.46006 -0.07516  5.79278 -7.68338  6.47419
36  H   -1.64901 -3.53052 -0.09882  0.29904  7.24468 -5.08951 -0.46048  0.00569 -0.49316
37  C    2.57793 -6.47437  0.64281 -0.58753 -0.68411  5.99957 -0.34025 -0.72642  0.94144
38  C    0.50096 -0.83740  1.43176  0.80070 -6.91975 -0.45832 -6.95850 -1.20628  9.21674
39  H    0.18806  7.74597  0.61834  0.40269 -0.46031 -5.78832  5.40629  0.67038 -0.16744
40  H   -0.24264 -4.10219  2.10271  0.45833  0.87718 -0.64060 -4.14763  1.46056  5.31979
41  C    2.39721 -8.42464  0.09799  0.64132  0.51592  4.87234  5.79947 -3.66435  0.19130
42  H    0.36972  0.95317  0.94198 -0.45400 -0.98937  6.24434  7.03772 -0.28068 -0.60051
43  H   -0.96993 -0.51097  0.66199  9.44007 -2.32828 -1.77152  0.61721 -6.39875 -8.12594
44  H   -9.70593  0.75895 -0.45183 -0.80048  0.99697  5.94822  2.40003  0.32757  2.89626
45  H    0.21342  0.01601  0.70543  3.80444  3.99083  0.93418 -0.13771  0.98586 -4.11137
46  C   -0.90741  0.88366 -0.16869  0.70283 -1.80796  0.94016  5.88992 -5.97102 -1.06241
47  H    7.03352 -0.19982  3.27049  0.30865  5.84491 -0.30222  1.17653 -0.20527 -9.50009
48  H   -4.47514 -0.20357 -0.25797  3.76920 -7.18639  0.18374 -1.50497  0.30333  3.84722
49  H    0.22827 -0.39301 -0.44845 -0.43187  8.66607  5.82776 -0.66608  1.07707  0.48437
50  H   -0.90511  0.11456  2.67970 -0.19796 -0.88817 -0.37056  0.46228 -1.31636  0.30573
51  H    0.22026  1.27786 -0.11489 -0.63123  3.81233  2.06456  0.49876 -4.94950 -0.37960
52  H   -1.79578 -5.07647 -0.34395 -0.62675  7.42713 -8.77538  6.85340 -0.69211  7.92575
53  H    0.03735 -0.46458 -0.79574 -0.48698  0.41232  0.22314 -0.14094  0.38182 -1.09834
54  C    0.50069  8.43398  0.96800 -8.10682 -0.46797  8.35648 -0.35662  0.42437 -0.87078
55  H    5.19059  3.73088 -0.02185 -0.04848 -0.71914 -0.45359  4.76569  0.83677  0.65171
56  H   -0.63592 -0.10391  0.96926 -7.25069  3.19290 -0.68779 -6.10511 -0.83158 -3.63357
57  H    0.87525 -2.23397  8.24048 -3.28095  5.67087 -0.09534 -8.83290  0.89461  0.74452
58  C    0.15751  0.82527  3.51166 -8.63735  3.14369 -3.12054  0.54095  5.27692 -1.04904
59  C    0.90839 -0.97009 -0.60371  0.92110  0.66608  0.72998  0.47084  0.61497 -0.62151
60  H    0.52913  7.60734 -7.13426  6.49863 -0.68026 -0.75319  0.75207  0.74911  0.29964
1  C    0.56911  0.45400  0.60844  7.60828 -3.23414 -0.61959  7.11806  2.13983  3.56079
2  C    5.03635  7.70216  3.18690  0.28486 -0.71399  0.30979  9.36454  0.89439  0.94904
3  C    8.45053 -3.70876  0.18891 -0.43476 -3.76689  6.95448  3.82810 -0.17880 -0.37209
4  H   -4.12809 -0.67915  0.58332  0.65854 -0.79916  4.57133  8.22479 -0.27102 -1.32013
5  H   -0.01686  0.95033 -0.43020 -0.80045  0.01242 -1.15029  0.61966 -0.49956  0.18163
6  H   -3.43656  0.21511 -6.35597 -5.74777 -0.68885  0.83899 -0.15775 -0.05578  0.56265
7  C   -9.54913  0.51640  0.10911  6.62731  0.72046  0.75145  0.70630  0.90601  0.26415
8  C   -0.81977 -0.59640  9.82939 -0.50151  6.78652 -7.11145 -6.46211 -2.87037  9.09585
9  C    0.79634  3.52015  6.46373  0.88929  2.16572 -7.54501  9.63726  9.51500  0.93722
10  C    0.77613 -1.26012 -0.98083  0.60674  0.68793  0.09669  0.19660 -0.42159 -6.22085
11  H   -0.07175 -0.03665  0.39145 -0.98497 -0.88197  3.54775  9.72179 -0.63470  0.96625
12  H    0.09837 -1.26818 -1.31842  0.18206  1.72925  0.13580 -0.41943  0.67637  5.84928
13  H    6.13657 -7.73054 -8.53181  3.23894 -0.92084  3.26192 -8.73277 -0.42048 -0.95740
14  C    0.06053  0.46291 -3.71331 -0.41751 -0.83611  9.16067 -0.69184  0.29079  1.84945
15  C   -6.04227  6.11943  8.63092 -8.63126 -0.98646  2.21476 -4.73877  9.52169 -0.66088
16  C    0.39100  4.08608  3.25394 -3.52469 -0.41511 -0.72671 -6.70010  0.74266 -9.08453
17  H   -5.89600  7.35622  5.27924 -0.96578  6.49563  0.80606  1.95070  3.22762  0.39901
18  C    5.21879  0.40163 -0.53549 -0.41295  5.71742 -0.29748  6.33711 -0.38777 -0.96687
19  H   -0.58513 -7.47694  0.38823  4.10983 -0.58067  7.71305  6.39738  9.01175 -0.64192
20  C   -1.88803  6.14815  0.92255 -7.96468 -0.59162 -1.41907 -0.53376 -0.70545 -5.58213
21  C   -6.89978 -9.24426 -0.49426 -0.63406  0.68087  2.90046  7.36668  4.89875 -4.99717
22  H   -0.90154 -0.40862 -8.31344  0.44758  0.41581  0.65358  0.88930 -1.11608 -3.24451
23  C   -9.03747 -0.66178  0.64588 -0.07623 -7.26312 -0.09450  9.54998 -9.60520 -8.53404
24  H   -0.40646  0.46711  8.20113  3.06859 -8.25737 -0.18261 -0.33167 -0.58155  5.73920
25  H   -0.30476 -0.74085  0.50001 -0.40934  4.07656  7.53455 -0.87989 -4.62354 -1.22728
26  C   -0.90110  5.25977 -4.68759 -9.71725  0.07881  7.81602  0.49468 -0.60910 -6.53224
27  H   -0.79425  0.40958 -7.59028  0.24315 -0.11475  1.17876 -7.37972  0.23128  0.08737
28  H   -4.34825  0.08896  0.21562 -3.26440 -0.77179  9.04252 -0.45880 -0.31773 -2.03412
29  C   -3.47522  0.22461 -0.58802  0.35037 -3.42927  3.19745 -0.08137  1.82124 -0.12434
30  C   -0.19993  7.36300  6.01646 -0.99186  0.64715 -9.75154 -6.48903  0.76171 -1.26029
31  C    0.54159 -0.08586  1.48825  5.29604  0.71079  9.39309 -3.89789  0.15560 -0.73317
32  H    5.90312  0.86307  0.12142 -0.27661 -0.15818  3.53258 -0.93983 -7.53498  5.66581
33  C   -0.25037 -0.71938  0.73547  4.35177 -0.70668  3.71631 -2.31130  0.84306 -0.23295
34  H    4.57819  0.56802  0.13296 -0.00787  6.88752  6.91958 -0.04763  0.79096  1.21331
35  C   -0.25426  0.27467 -0.50711  0.98067  4.66384  0.71547 -0.24737  4.17361 -0.74713
36  H    3.47960 -0.12414 -5.24228  3.57579 -3.42918 -0.00844  0.34868  0.30868 -0.40005
37  H   -8.52803 -1.16058  0.01346 -1.05530  9.95413 -0.04467  4.01003 -0.57830  0.19342
38  C    0.95209  0.29275 -0.64026 -0.44462 -0.63591 -0.76027 -0.17064 -4.71965 -0.23213
39  C   -0.39168  0.35536  6.55890  0.60868 -0.42823 -0.28202  0.92386  0.99188 -0.79401
40  C    0.44306 -0.30477 -4.12671  0.06996 -5.35888  6.83368  0.78945 -1.18861 -6.83556
41  C    0.04270  7.50643 -4.44710  0.48134  0.36829 -2.40646 -0.87633  0.41186 -0.05510
42  H   -0.63594  5.52452  0.10916 -9.78172  8.70713 -6.15792 -0.67226  0.72601  0.41852
43  H    1.78729 -0.16477  7.24237  0.35193 -0.71819  5.88795  9.51055  0.02615 -6.76277
44  H    8.50909 -0.51831 -0.87123  3.91392 -6.87706  0.10768 -5.31087  0.90216 -3.82699
45  H   -5.51500  0.30047 -3.31096 -5.69659 -0.61275  8.23585 -6.06336 -6.55598 -9.29141
46  H    1.87551  0.13726 -0.75460  5.73714  0.22095 -0.45485  0.71914 -0.38054  0.48594
47  C   -7.89961  0.31921  2.65835 -0.48096  0.29450  1.18047  6.98414  0.83228  6.18407
48  C   -0.30502 -5.67250 -8.31533 -3.32442  9.54715 -1.30556  9.54955  6.80384  0.99635
49  H    0.30285  0.43466  9.84165  0.56865  0.17576 -0.61424 -0.07297  0.56501 -6.75609
50  C    9.53429 -0.90345  4.47497 -0.30238  3.53086 -0.37622  6.45508  0.03555  0.78155
51  H   -0.63177 -2.17378  0.44118 -0.43319 -0.59356  0.35512 -1.55050  5.67293  0.02832
52  C    0.35797  5.60768 -0.22615  1.70062 -0.37406 -0.05604  0.40808  6.72599  9.84448
53  C   -0.85588 -0.35296  2.91195  0.76045  1.16538  4.58222 -8.56473  0.34529 -0.59937
54  C    0.07373 -0.81658 -0.67963  9.61437  0.57575  1.13940 -1.03018  8.38460  0.00010
55  C    1.86240  0.34891 -5.52203 -7.88709  0.40483 -0.94691 -0.00440 -2.24443  8.62097
56  C   -0.07368 -0.19599 -0.36974  0.54088 -0.84686  0.45470  0.25806 -4.05144 -0.72719
57  C   -0.26004 -5.31524 -3.60622 -3.15235  0.29600  9.79244  9.44384 -6.72779  7.45036
58  H   -0.37901 -0.36758 -1.60665 -4.74331  3.45748  0.54648  5.22942 -0.29278  7.90672
59  C    8.22488 -0.59920  2.98037  0.87223 -7.03781 -5.53455 -8.74323 -0.38243  5.76535
60  H    0.96792  4.71125 -7.68467 -4.29870  0.40050  0.78436  0.82049 -1.33093  0.09645
1  C    0.49555  0.24464  0.78180  9.46528 -7.17961  0.25747 -1.76569  0.30092  0.60351
2  C    0.43625  2.70730  0.12785 -4.12157  3.79115 -0.73290  0.27647  0.24676 -2.78841
3  C   -4.75420  0.24700 -0.69830  0.45087  0.72259 -6.37371 -0.64137  0.29085 -0.11232
4  H    0.64326  0.18896  0.10852 -6.92798 -9.52966  0.19376 -2.69599 -6.10014  1.33933
5  H    0.60093  0.24715  9.53026  5.21048  0.23516 -2.50317 -6.88469 -6.84234 -8.05513
6  C   -7.56722 -0.03747 -4.31379  0.16031 -9.04390  0.54738  0.39215  4.32390 -0.47942
7  H   -1.02546  7.88520 -0.34716  4.41024 -5.25934 -0.33446  0.77186  0.80776 -0.78471
8  C   -0.85012 -8.36626  0.60691 -4.94822  0.69769  7.27641  0.06418  0.65792  8.29853
9  C   -0.04265  0.11796 -0.19779  5.31782 -0.64711  0.17194 -0.24564  0.12485  0.12292
10  H    0.09146  3.86848 -7.51920  1.81327  0.39647 -0.97070  6.97119  0.38757 -3.19102
11  H   -0.08358  0.85275  0.92283  3.73568 -3.99974  0.03430  3.67755  0.10656  4.60588
12  H   -0.49988  3.24314  0.99830 -0.60137 -0.67224  0.69650 -7.21382 -7.98422  0.23359
13  C   -9.41384  6.47214  0.72758  3.61445 -3.52426 -0.05601 -5.76466 -0.03725 -0.63590
14  H    7.33882 -0.85139 -0.26588  0.95955  0.77551 -0.49700  0.05559 -0.50499 -0.79973
15  H   -0.29507  0.41493  0.45620  5.94179  0.85356  0.07384  7.98242 -0.50411  1.17413
16  H    0.63225 -0.59705 -0.07533  8.14712 -9.39283  0.24294  0.08976 -0.63337  0.98234
17  C   -5.64395 -1.15715  8.74117 -9.03541  0.05748  0.96707  9.61017  0.65661 -0.95850
18  C    4.05110  0.22313  0.18724 -0.04823 -0.23639  0.17850  0.14657  0.84114 -0.39228
19  C    6.45705  0.48739  0.67269 -6.25540  4.69230 -0.24053  0.52914  0.43255 -2.83376
20  H   -0.14508  0.89311  1.76149  6.17627 -7.20730  0.25984  9.17370 -0.57531 -3.41650
21  C   -0.56601 -0.41774  0.24769 -0.69528 -0.10874 -0.26499 -0.84306 -9.29364  5.37834
22  C    0.93230 -0.26614  0.80497 -1.25977 -2.93553  0.32694  5.75000  9.93844  0.05261
23  C   -1.74837  0.08410 -0.52645 -6.43613  2.74203 -0.78535 -0.24202 -0.36741 -3.96099
24  C    6.24914  0.32565 -0.19789  4.86385 -9.30161 -9.41358 -3.37329  0.01773  0.74110
25  H   -0.67461  0.97571  1.54844  0.14673  6.05701 -0.22134  0.60674  0.88384  9.39515
26  C   -8.20336 -9.36471  0.59966 -8.53927  8.75617 -0.33517 -6.83813 -8.86368  0.71149
27  H   -1.88795  2.86634 -6.47402 -0.66992 -0.86733 -0.17791 -0.50289 -4.84251  0.05085
28  H   -3.41718  0.46262  5.55641  0.02593 -9.99674 -0.52023  8.19496 -0.06413  0.21068
29  H   -0.24824 -1.08205 -6.12200 -1.79981  9.16847 -5.56284 -0.57468 -2.98843  0.81445
30  C    8.26200 -7.01457  0.50957 -0.33085 -0.86900 -1.41307  0.49359 -0.60197  3.00412
31  C   -2.35674  7.78849 -1.59302 -0.65507  0.72365  0.66822  0.68480 -0.16727 -3.00557
32  H   -0.62522  0.32654 -0.32869 -0.78844  0.23122  0.38464 -0.81293 -7.71502 -2.53892
33  H   -0.49677 -8.05290 -8.93647 -0.66307 -0.75555 -0.99823  0.48543 -5.02100 -6.76878
34  C   -5.23148 -9.93193 -0.15665 -0.06291 -0.39098 -2.27281 -5.10082  0.85938 -0.76087
35  H   -0.11794  2.01106 -7.16469 -0.84598  0.65208  0.32093  0.62969 -0.47101 -0.66019
36  H   -0.32437 -0.19153  9.76286  0.16674  0.96007 -9.15329 -0.69402 -3.51303  0.95231
37  C    6.29192  0.56347  3.96922 -3.64275 -5.10245 -0.90519 -0.93182  0.39752  0.66307
38  C   -0.89307 -0.65118  0.05778 -5.19256  0.01276 -9.14078 -0.60840  0.43596 -5.71125
39  C   -0.82326  0.97316 -0.47299 -0.00808  8.93270 -0.05928  7.88572 -0.31625 -0.97868
40  H   -9.45319 -0.71783 -6.65243  2.74177  0.19919  0.46783 -0.74707  0.43104 -0.19539
41  H    8.82725 -3.96991 -0.17259  0.02506  0.14658  0.51295  0.03777 -0.21726 -1.53352
42  C   -0.16012  5.22102 -0.13107  6.45799  0.87740 -0.59676  0.76653 -5.63597 -6.36523
43  H    5.86651  9.96236  0.49018 -0.31422 -0.42933 -0.27489 -0.12251  7.93253  0.49708
44  C   -0.95722  0.79702  4.25737  0.62030  0.88688  0.43536  0.40153 -5.97325  4.26457
45  C   -0.50160  0.28864  0.55831 -0.38280  0.74579 -0.69442 -9.26809  7.39978 -1.87886
46  C   -9.41564 -4.60991 -0.30346 -2.96142 -5.62483  6.99983  7.75206 -6.82493  0.57380
47  H   -0.57957  0.76417 -3.13897 -0.90020  0.06700  0.68646  0.31621 -8.70910 -9.98362
48  C   -0.14386  0.10610 -1.45833 -0.22699  3.31773 -0.51893 -0.45811 -5.72188  0.20057
49  C    3.03369  7.43819  0.78715  1.61754 -0.36693 -0.77422 -2.20602 -0.16287 -0.13188
50  C   -1.50995 -0.66219 -5.58162 -7.03104 -4.79733 -0.90039 -0.38484  0.79532 -0.59448
51  C   -0.86513 -0.19217 -0.41016 -0.08699 -5.31319 -2.36960  0.00596 -6.66761  3.62166
52  H    1.54784  4.43999 -4.04647  8.92798 -0.00934 -8.64163  7.23405  0.18546  2.13357
53  H    0.16184  0.35126 -4.73723 -0.95508 -0.91998 -0.49188  0.13170  0.23470 -5.28558
54  H    7.79492 -7.72857 -0.40134  2.15038 -0.10151 -0.01517  2.98731  0.28959  0.13025
55  C    4.46013  4.72882 -0.04552 -2.69676  3.43613  0.26349 -0.55944  0.19582 -5.57142
56  H    1.92267 -3.62140 -2.27246  1.77195  0.57958 -0.25466 -3.00840 -7.19444 -0.96727
57  C    7.52821  1.97385 -2.86034  5.12440 -2.71391 -0.20242  2.53541  0.13020 -6.61857
58  H   -9.89609  6.63803 -3.02126  5.07665  0.52527  4.42061 -0.23580 -2.98440 -6.10048
59  C   -2.26380 -0.96906  0.14600  5.27066 -1.47711 -3.55410  0.15088 -2.33771 -0.07727
60  C    0.88819  0.55189 -2.30916  0.63855  0.51830 -4.18827 -2.96279  0.68841 -1.80813
1  H   -0.31875  0.85009  6.58856 -9.41847  3.68973 -0.49510 -0.47235  0.53600 -1.12028
2  C    7.39232  3.63837  0.85151 -0.07214  0.73148 -9.60785 -0.67980 -4.74949 -0.02524
3  C   -0.98108  0.12398 -0.40265  0.42669  1.92241  0.62240  0.48260 -0.20246 -5.93287
4  C    0.29192  8.65089  0.67076 -7.84877 -2.91958 -0.71468  5.64249  5.32476  7.70250
5  C    9.22437 -0.53012 -0.18226  2.12920 -0.94951 -0.23746 -0.95956  0.39035 -0.97784
6  H    9.78361  7.46999 -0.96790 -0.28980  5.83779  0.93678  0.42353 -0.70907 -0.06595
7  C    0.67575  5.42121 -4.33068  0.81191  0.37581 -0.38332  0.70733 -4.75677 -1.29878
8  C    1.56567  1.82407 -9.54304 -7.84431  0.64264 -0.35209 -0.85506  1.95473  0.89827
9  H    0.59984  0.25428 -0.93338  0.32242 -4.73757  3.57639 -6.40183 -0.99809 -7.65458
10  H    0.66605 -0.28548 -8.19307 -0.31816  2.05624  0.33229 -0.20977 -0.65513 -0.97908
11  C    0.27496  0.33475 -0.39764  7.69144 -0.65872  0.52864 -0.53296  7.73740 -5.63589
12  C   -0.28332  4.79150  0.54372  0.09667  0.85297  0.71831 -8.75189  7.63820 -0.85849
13  C    0.96168  0.21563 -0.65462 -0.34174 -0.96920 -7.34508 -3.53729 -0.17254  0.05598
14  H   -0.88906 -2.39763 -0.67894  7.06979  9.79733  2.38083 -1.59945 -0.41512  0.46992
15  C    0.16223 -7.45053 -0.69144  0.86630  0.39728 -0.14787 -4.48157  0.40999 -0.51170
16  H    0.79943 -1.21228 -0.10568  0.57449  6.84688  2.49623  1.08796  0.80542  0.80862
17  H    4.97848  2.92207  0.03513  0.86241 -0.60867  0.60956  0.09733 -4.16950 -0.16786
18  H   -0.23018  4.15003 -0.49743  0.46463 -0.07476 -0.40756  0.47425 -2.26252  0.10823
19  H    6.09182  0.53729  0.66086  2.63863 -0.99939 -0.88199 -0.98886  1.12080 -8.87800
20  C    2.69016 -0.23601 -4.22102 -9.31241  4.09414 -5.23594  0.72205 -5.19239 -6.43604
21  C    0.37278 -0.20735  0.46973  0.72499 -0.52797 -2.27443 -0.27465  0.68843  0.83465
22  H   -6.41255  0.24503 -5.21674  5.59722 -1.88100 -0.29600  1.86626 -0.41922  0.80003
23  H    0.25778  0.00892 -0.21729 -0.84063 -1.32690  6.71956 -0.40200 -0.51505  8.76020
24  H   -0.19556 -0.77877  0.04336 -5.19273  0.66912  2.25823 -0.86151  9.87380 -4.99126
25  C    8.81456  1.73757  0.18005 -7.04604  0.95189 -1.59096 -0.53140 -9.55153 -2.94539
26  H    0.29746  8.60340  0.48289  0.96758 -4.01646  0.02954  0.50806 -0.57104  0.22435
27  C   -0.10186  0.53406  0.56816  0.56517 -0.58286  0.78557  5.47008  0.50392 -0.59748
28  H   -9.89352  8.18381  0.59937  0.30422  2.53927 -0.63793  0.69038  3.37620 -3.38186
29  H    0.22141  1.51569 -0.48823  0.32671 -0.56412 -0.61750  0.63571 -8.53884 -7.65286
30  C    0.48721 -0.43551  3.43416 -1.88357 -0.45058 -0.71487 -0.21578 -0.92862 -0.01389
31  C   -4.20345 -0.20829  5.69607 -0.58048 -0.44867  1.00832 -0.31469 -0.70757  0.50243
32  C   -0.13705 -2.84053  7.02692 -0.92990 -7.86780  0.56416 -0.18572  0.46975 -2.59551
33  H   -5.95019  1.45842  7.36497 -9.46511  8.99288 -0.44216  0.68348  0.52311 -0.52822
34  H    0.42181  0.92707 -0.75892  0.47464  0.67743 -1.09482  0.28673 -2.57390  0.60631
35  H   -9.44590 -0.61319 -0.11102 -9.68921  0.76371 -5.92138 -0.12288 -7.66795 -4.25111
36  H    0.48479  0.11145 -9.30607  1.24040 -6.99914 -5.62963 -0.92190  6.92421  0.23061
37  H   -6.29552  0.57810  0.49620 -6.97094 -0.53442  5.64463  3.27958 -0.47851  0.16976
38  C   -3.67867  0.99748  9.03978  0.42987 -0.79321 -2.53069  6.57545 -7.30195  5.71365
39  H   -0.44003 -7.05341 -0.82456  0.85663  5.85142  7.56044  8.01432 -0.58734  0.95910
40  H    2.58899 -0.98275  0.11922 -2.62346 -2.50909 -0.04400 -0.35766  0.46241  6.63152
41  H   -0.57355  3.81301 -0.41899 -0.60845  0.51746 -5.85297 -0.01110  4.12886  5.63212
42  H    4.63855 -0.47121  0.88796 -9.15415  0.58779 -6.51800 -0.31320  5.17164  9.01029
43  H    0.92050 -3.61274  0.62650 -0.38778 -0.63869 -1.01535  0.63194  3.98705 -0.62587
44  H    0.27169 -0.62840 -2.46588  0.55291  0.38740  2.44513 -2.95490  0.49578 -6.16238
45  H   -9.70225  0.64718  0.04030  6.41247 -8.58633 -0.95316 -4.32467 -0.16074  4.79295
46  H   -0.81142 -0.24443 -1.48628  7.59928  0.13556  2.25189 -0.57613 -0.83630  0.13604
47  C    0.00119 -1.98277 -7.45482 -0.28240 -0.63619  0.69693 -3.62286 -0.64817  8.66349
48  H   -9.08933  4.83162  4.65792 -0.64005  0.07920 -0.31471  2.76972 -0.78772  6.64043
49  H    8.96476 -7.98877 -3.72831 -9.85880 -0.94813  0.76950 -4.42310  5.90732  0.78221
50  C    0.44829 -4.95010 -0.82339 -7.33453 -7.19959  7.23577 -0.37816  8.14352  0.84431
51  H    4.81061  8.70070 -0.00224 -0.92599 -0.76537 -9.03112 -3.51552  0.46956 -0.71139
52  H   -0.12248 -0.19129 -0.21277  2.08128  0.50352 -0.63525  2.97994  0.51313 -0.85403
53  H   -5.53695  0.31474 -4.23825 -0.96692 -0.03058  0.03950 -0.50977  7.16692 -0.84903
54  C   -0.96691 -0.35876  0.46955 -3.83213  0.44098 -8.85031 -4.84705 -0.55557  0.18632
55  C   -0.03495 -5.88332  0.16487  1.75283 -2.36120 -0.15575 -5.21888  7.64240 -0.93934
56  H    0.82858  0.64300  0.63392  0.85055 -7.34722 -1.49211 -9.23783  8.92181 -3.80333
57  H    0.58050  6.29998 -2.85520  8.21596 -0.46841 -0.42713 -2.89155 -0.02978 -0.80949
58  C    9.92387 -0.15667  5.93450  7.48920 -4.80384  0.41341  0.93138 -0.82262  0.35960
59  H    0.42846  5.87011 -0.78735  0.55227 -9.99048 -0.09216  2.13126 -0.82585  0.08374
60  H    0.95660 -3.30316 -4.34105  0.52178  3.39798  0.30391  0.68433 -1.19719  0.13452
1  H    7.92876  0.93703  0.90628 -2.37629 -0.39594 -0.21064  4.91127 -4.14103  0.87614
2  C    0.07925 -2.83796  0.85727 -0.28412 -9.90226  0.29282  7.34294 -6.04064  3.76509
3  C   -0.00526  0.59363 -0.14288  5.50660  0.69893 -8.58565  0.42139 -0.99207  0.85167
4  H   -8.00154  0.52610  9.36711 -9.51029 -1.49468  9.21639 -0.00931 -0.17689  4.43604
5  H   -0.38569 -7.14789  0.83060  9.41830 -8.74923  5.90218  4.73054 -6.09131  3.31319
6  H   -4.71742 -7.64832  4.21502  0.74158  4.42318 -0.81224  0.60305 -8.13495 -0.82469
7  C    0.46631  4.43870  5.18064  0.44205  0.09238 -7.28489 -0.73660 -2.77632  0.89533
8  C    8.66958 -8.72634  9.65964 -0.70367 -0.81980  7.16324 -0.73726  0.99228 -2.18501
9  C   -0.60953 -5.72368 -9.07639  9.27872 -5.96699  0.46926  0.44675  0.24934  0.93876
10  H   -8.33436  0.52368 -5.16324 -0.22505  0.16293  0.67231  1.42593 -0.88301  0.06464
11  H   -3.29467 -9.23997 -9.03301  0.86842 -9.91538  5.04467  9.36686  0.33513  5.60382
12  H   -5.85271 -0.99564 -2.96965  9.42867 -0.58479  0.62623 -2.14180  0.02977 -0.02464
13  H    0.39298  5.98860 -3.33119  8.80993 -1.04484  9.57365  0.46160 -0.15968 -0.21511
14  C   -0.14163  9.64455 -0.94386 -5.08556  4.43210 -2.12020 -6.71776  3.47891  0.50130
15  H   -0.56565 -0.20133  0.86857  6.19899  3.11377  2.23020  0.45359  0.36112  1.18441
16  C   -4.40792  5.02743  9.01012 -0.40648 -0.87653 -0.39986  0.53755 -0.27431 -0.11061
17  C   -7.36205  0.62605  6.77615  0.99872 -0.68223  4.00197  2.70688 -0.23125 -0.56241
18  C   -7.17318 -3.56087  0.77160 -2.07699 -0.74863 -0.90705  2.83402 -0.92327 -7.98663
19  C    0.49859  0.06866 -0.98060 -2.54141 -0.31986 -4.86411  7.52392  6.06421  0.21148
20  H   -0.27985 -0.10586 -2.05538 -0.77641 -5.34516  1.74451 -0.40259  1.29424 -0.79741
Mulliken charges:
1        2        3        4        5        6        7        8        9
21  C    7.93047  0.37341 -0.49272  0.29341  0.08982 -9.30633 -0.89142  0.09937 -0.94262
22  C   -9.55556 -8.70045 -0.14462 -0.82865 -6.01166 -5.48577  0.39084  3.15861  5.84499
23  C   -9.39240  0.60203  2.40012 -0.00609  7.19676  0.94408 -0.85827 -0.73675 -0.37038
24  C   -2.01217 -1.79492  2.10545 -0.43450  0.63877 -0.14403  7.62466  9.94067 -0.48009
25  H   -0.96988 -0.48005 -7.57707 -2.96682  1.12903 -0.39315  0.80244  0.68734  0.84178
26  H   -0.88104  0.58308 -1.52401 -8.40552  9.13683  0.54240  7.36968 -9.96451  5.52023
27  H    0.13322 -1.81473  0.02029  0.61506 -0.59469 -0.32503 -9.21614 -0.13754  0.42225
28  H    0.28894 -9.28018 -9.86540 -8.24897 -0.34432 -0.18680 -0.17948 -0.44582  8.16650
29  H   -0.27191 -3.29398  0.45056  0.53710 -1.19162  8.02769  0.21647 -0.81633 -0.19687
30  C   -3.70302  2.00806  7.69856  0.10228  2.22771 -0.02917 -1.10322  0.44844 -4.02263
31  C    0.65424 -3.80616 -9.97779 -5.79964 -1.39515 -0.09618 -0.72158  0.74973  0.34245
32  H    7.21485 -3.02058 -1.17781 -0.03433 -5.45525 -4.41495 -0.58644 -0.36307 -7.83728
33  C    1.21545  0.80068  0.29257  0.25153  0.92449  0.70651 -0.97033  5.85348  8.79707
34  C   -0.40638  0.99549 -0.95809  0.27145  0.56067 -0.28798 -0.99053  1.07322 -0.74750
35  H   -0.67533  4.98431 -0.24083 -0.72149 -0.53207  6.42944  0.16158  0.19668  0.62479
36  C   -0.55790 -5.48525  0.42176  0.89616 -0.65619 -2.84671  0.33170  0.10652  1.01492
37  H    0.37629 -9.66367  0.96585 -4.37320 -4.10451 -0.92885  8.46991 -5.39721 -0.61985
38  H   -0.80562 -0.94599  0.56499  0.30893 -0.24547 -0.11058  0.29386  6.96245 -1.37997
39  C   -0.57532 -0.01347  0.99077 -1.30513 -6.85948  8.30633 -3.70893  8.45276 -9.03575
40  C    0.72238 -4.32853  0.60739 -0.87294  0.78047 -0.18546  0.62433  0.64194  0.55873
41  C    0.34054 -0.24781 -0.51724  8.90286  0.14761 -8.68733 -3.56267  9.68956  7.61257
42  C   -0.97359  0.23918 -1.67078 -9.95147  6.68553 -0.11425  7.55213  6.34962 -3.02160
43  C   -1.53061  0.42936 -2.00146  0.79792 -0.03324 -2.24477  1.74820 -5.14360  0.62156
44  H   -0.79570 -0.12788  5.62569  0.85590  0.48050  0.20182  0.44530  0.84815 -0.84412
45  C    0.70930  0.42755  0.78156  0.13559 -0.75935  0.71402 -0.45664 -6.91092 -0.26093
46  C   -7.55350 -5.46382  3.76578  4.08591  0.98176  7.87431 -0.66821 -1.75291 -5.98011
47  H   -3.81010  0.98534 -0.36225  0.39103  0.58655  0.93441 -6.70413  0.16716  0.87921
48  H   -0.32200 -7.69410 -0.32999 -0.90497  0.86367 -0.85123 -1.73131  0.70045 -9.46553
49  H    0.74884  4.73242  0.17089 -0.20759 -3.41212  6.83599 -0.71425 -0.50752  0.73334
50  C   -5.82064  2.64763  5.41632  0.27323  2.99074 -0.83764 -0.66776  7.59311 -2.35425
51  C    6.42070 -0.36398  3.31610 -0.28350 -0.62906 -9.76672 -0.56091  6.42910 -5.25694
52  H    1.92850 -6.78429 -0.98386  7.82716 -1.68810 -0.70264 -2.01492  3.22291  4.48954
Atomic-Atomic Spin Densities.
1        2        3        4        5        6        7        8        9
53  C    0.43447  0.20414 -0.89245 -0.60838 -5.48585  7.19024 -1.14189  0.45795 -0.35469
54  H   -0.56516 -9.07630  5.99691 -1.66650  5.95816  0.17104  2.13340  9.69633  8.34979
55  C   -5.89995 -0.16806  0.74564 -7.87166 -6.67704  0.46205  0.77492  1.47471  3.82159
56  H    5.01938 -0.25000 -0.83116 -7.72394 -0.12310 -5.62277  0.82365 -9.03601  0.35475
57  C   -1.10348 -5.67018  0.30759 -0.72110  3.71614  0.42523 -0.01704 -0.48605  0.96880
58  H    0.23364 -1.62329 -8.07270  0.91610 -0.04561  0.10991  6.91152  0.80135  0.36629
59  H   -5.46339  7.35674  5.58839 -0.38549 -5.91127 -0.84821 -0.02093  0.50800 -2.73774
60  C   -1.60168  4.91187 -0.71137 -1.13512  0.53167 -3.80761  0.58129  1.09191 -2.90895
1  H    0.49709 -8.27889  1.90749 -2.74151 -0.34605 -0.22247 -6.19470  0.11728  0.23468
2  H   -0.87702  9.94496 -8.89129  0.38568 -1.19342 -0.30544 -8.14575  0.52608 -0.40693
3  H   -0.88128  0.10032 -6.23843 -0.51055  9.09319 -0.41361 -0.15834  0.58869  0.88922
4  H    0.03369 -0.33141 -0.42697 -0.52459  0.14117 -0.40501  0.67639 -0.71433 -1.79338
5  H   -0.65678  3.59799  0.65827 -6.25557 -0.87441  0.89937  0.27604  9.83976 -2.11377
6  H   -4.40364  0.09371  0.40350 -0.78892 -6.62106  1.60031 -0.40261  0.78579  0.34249
7  C    0.67677 -0.83957 -0.82710 -0.01878 -7.09576 -0.70328  0.41206  0.68561  9.57570
8  H   -0.52281  6.64918 -0.96562  4.14129  0.97701  5.99554 -9.15758 -0.28498  1.46211
9  H    0.99593  3.04690  0.20399 -0.98519 -0.34927 -8.26517 -0.31817  0.53380 -0.09776
10  C    0.25967 -0.51902  0.82370 -0.87269  0.93505  7.16032  0.42088  0.37059 -5.21262
11  H    7.69813 -0.25682  0.72522 -0.66193 -7.31764  0.62844 -0.55663  0.55255  0.49917
12  C   -7.39078  5.66598  6.10957  0.60388 -3.18844  0.46008 -0.07169 -3.33916 -5.98200
13  C    0.61572  4.63572  0.35875  6.96322  0.90838 -3.13726  0.53619  0.66800 -7.82502
14  H   -3.57167 -0.57207 -3.93964 -0.20388 -0.16739  0.81936 -8.13237 -0.67011  6.80830
15  C    1.87954  0.71277 -5.42258  5.21648 -0.73749 -1.46836  0.17016  0.15955  6.74511
16  C   -0.42176 -0.58471 -3.88597  5.38477 -9.56259  0.04078  5.91307  7.94102  0.00718
Mulliken charges with hydrogens summed into heavy atoms:
1        2        3        4        5        6        7        8        9
17  H    0.40011 -4.47505 -5.31747  1.72076  0.50347 -0.99435  1.47745 -0.11962  0.52453
18  H   -3.89643  5.76526  0.57767  6.01457  2.28121 -0.81394  0.24071 -0.58325 -0.44630
19  C    9.80581 -2.51809  4.14978  0.48711 -8.25523 -0.38713  4.19573  0.58224 -3.18870
20  C    8.74983 -0.04979 -5.07493 -2.51200 -0.88585 -0.97936  0.15965  0.03735 -0.13640
21  H   -0.63854 -0.08788 -1.95910  0.67664  4.11325  0.29210 -0.26706 -2.98191 -1.27289
22  C    6.56070 -0.28311  0.60281  0.37557 -8.66084  2.35888 -0.14568 -0.13424  0.72668
23  C    9.00780  4.54398 -4.87869  0.54312 -0.50203  0.69768 -9.44179 -0.36587  5.31370
24  C   -0.72539  0.79016  0.97032  0.58052 -3.54544 -9.95370 -0.79875  7.04458 -0.53513
25  C    4.38040 -0.31904  0.00824  0.37166  7.55393 -0.25683  0.72888  4.77975 -9.84868
26  C    0.31084  8.98405 -6.39540  3.88357 -5.11728 -1.29921  6.69582  5.04064  0.36118
27  C   -8.16881  0.80670 -0.90303  1.46442 -0.23615 -0.84303 -2.42087  2.58033  0.16350
28  H    1.59825 -0.52627  0.46459 -6.94753 -1.27761 -0.03196  0.87659  2.52229  3.41855
29  C    0.93849 -8.84439  0.87082 -0.88214  9.18390  3.71185  0.83427  0.48048 -8.13640
30  H    9.20336 -0.12584  0.45556 -0.79227  0.59983  0.58246 -5.23388  1.95868 -1.98045
APT charges:
1        2        3        4        5        6        7        8        9
31  H   -0.34524  9.28541 -1.94796  0.13143  3.17790  7.43836  1.30787 -9.78146 -0.11383
32  H    0.61706  0.93920 -1.23440  0.56495 -0.37834  0.03433 -0.61679 -0.60329  0.84024
33  C    3.19590 -1.74117  4.41229 -4.02272 -0.01326 -0.88557  0.19068  0.35129  2.13555
34  H    0.75617 -1.21279 -0.13659 -0.05813 -0.74623 -0.96108  0.32479  6.20182 -0.51859
35  H   -8.20105  0.20265  2.11000  5.62972 -0.56860  6.92841  0.14975 -9.13915 -0.84384
36  H   -0.78579  4.95199 -2.99949 -8.50240 -2.42095  5.86214 -0.26655  0.55765 -0.76836
37  C   -0.70260  1.57605  0.47254 -0.91829  5.28335 -7.18459 -7.08050  8.80547  0.96091
38  H    0.46032  7.39249 -0.29252  9.45250  0.18097  0.18006  9.67215 -0.61806 -0.03254
39  C   -0.56246 -0.28456  0.65355 -0.30284 -2.53335  8.31147 -0.61737  0.64826  0.68953
40  H   -0.88822 -4.01475 -0.53407 -0.89095 -0.40003  0.71012  0.86559 -0.36372  1.58008
41  C    0.29168  3.82330  1.99323 -0.45488 -2.96322  0.32931 -0.33106  1.17618 -8.92550
42  C    8.22908 -0.68006 -0.62953 -9.26732 -0.21365 -0.31744  6.38443  0.45646  4.20576
43  H    0.03264  0.34817  6.76912 -0.09046  0.05370  0.02295  8.79038  0.72072  0.90603
44  C    5.07287  0.96523 -4.80127  1.95919 -0.16713  0.97394  0.08825 -0.87356  0.40948
45  H   -0.79636 -8.57965 -0.55126 -0.88859 -0.28970  0.97379 -3.32673 -0.18441  0.25810
46  C   -1.06687 -0.70019 -0.06118 -0.68349  6.42764 -0.94662 -8.34362 -0.03280 -0.96169
47  H    0.94049  3.21271 -4.97539  0.73098  4.01878 -0.05273  0.58496  2.41744 -2.93116
48  C    4.13083 -0.98495  0.13349 -0.35508 -0.64817  0.53817  8.58248  0.55898  0.35442
49  H    0.52713 -0.77316 -0.91501 -8.36703 -4.39463 -0.36527 -4.41281 -0.79096  3.88177
50  H   -5.75377  2.83796 -0.19582  0.98362 -0.75597 -0.91737 -5.87003 -7.03138  8.32990
Electronic spatial extent (au):
1        2        3        4        5        6        7        8        9
51  C    0.28456  0.77233 -0.74195  0.50714  5.44299  2.09028  0.44539  5.19967 -0.41407
52  C   -0.23256 -3.50754 -0.05125 -0.71677  6.40346 -0.39966 -1.08385  2.79595  7.88975
53  H   -0.20699  6.86137  0.78708  7.87200  1.92670  2.13366 -0.01491  1.25129 -3.78867
54  H    0.65141  0.24721  0.65576 -0.46860 -0.87898 -0.18030 -0.94047 -4.68124  7.42901
55  C   -5.52443  4.00352  3.63434 -0.49035 -2.84474  7.83548 -0.02341 -9.87817  0.74031
56  C   -1.21005 -6.38374 -2.44222 -0.24966 -0.91888 -8.27195 -0.39189  0.55988 -0.09535
57  C   -6.53044 -7.26998  1.59954  0.55102  0.91534 -7.96476 -2.63434 -5.71956 -6.60314
58  C   -0.59918 -0.68651  1.62380 -0.32413  0.61941 -0.98232 -2.89815 -7.59859  0.07668
59  H   -0.48410  1.43596  0.71985  0.38046 -0.25728 -0.20572  0.11539  0.43444 -4.83136
60  C    2.04544 -3.16941 -3.96039 -0.60065 -0.23942  0.19383 -0.09103  0.04180 -0.79038
1  H   -0.53943  0.22201 -0.82108 -0.38475 -0.81467  0.13607  8.62526  0.79680  6.30255
2  C    0.53707  0.86538 -0.48738 -1.63186  0.10802 -0.08887 -6.59739 -4.17850  2.91118
3  C   -9.42498 -0.68929  0.82112 -0.90286 -0.50992  0.62395 -0.58993 -0.79351  1.86034
4  H   -0.53987  9.59225 -0.75362 -0.83889 -0.75338 -0.27949 -7.11986 -4.84499 -0.43191
5  H    7.75832 -6.39686 -0.03257  1.77426 -2.81301 -6.43321 -8.83942 -1.63657  0.06074
6  H   -2.60837 -0.10717 -3.55247 -0.84551 -0.62826  0.32721  0.07322  7.55436  0.10226
7  H   -0.76716 -0.64152  1.98105  0.14678  0.63662  0.35896  0.81998 -7.70430  0.72352
8  C    0.06552 -0.53827 -0.82390 -0.76437  6.99743 -0.35734 -0.72389 -0.96965  6.59071
Dipole moment (field-independent basis, Debye):
1        2        3        4        5        6        7        8        9
9  H    0.08286 -4.47882 -0.91795 -0.75011  9.35194 -0.86304 -0.26827  0.52197  0.79164
10  H    6.12037 -0.74690 -0.13258  4.05607 -8.11351 -0.86987 -0.70823 -2.27658 -0.70130
11  C    0.23946 -9.97042 -0.80351  0.84476  7.87269 -0.43278 -3.46236  9.97505 -0.08056
12  C   -0.78069 -1.67455 -5.55195 -0.25364  0.31747  0.88652  2.18947  0.33944  0.87500
13  H   -5.68956  0.47643  0.08766 -0.22909  7.36051  1.18887  5.36703  9.77152 -0.97952
14  H   -0.86900 -0.18266 -3.62586  8.38152 -1.85391 -0.01115  0.82339 -0.42886 -0.32483
15  C   -0.91030  0.66390  0.08789 -0.76179 -0.08266 -0.59077 -6.31799  0.04116 -0.17683
16  H   -0.47680  0.86180  6.92164  0.07603 -8.87843 -8.41427  3.88117  6.77332 -0.17131
17  C    5.73465 -0.26181 -9.26295 -9.50866 -3.84902 -9.07416  0.39517  0.58459 -2.40389
18  C   -0.58049 -0.12049 -3.29218 -4.41238 -0.43186  5.38426 -9.87174 -5.39523 -0.16800
19  H    7.21836  2.42533 -4.85742 -8.45705  1.50300  0.08252  0.67935  7.06216  0.18782
20  C    4.00189  5.98868 -0.66130 -6.88957  0.02207  6.81653  4.25600 -1.28807  0.00609
21  H    7.44693 -0.68729  0.02683  0.54135 -0.89680  0.10743  9.86154  4.30718 -0.52701
22  H    0.86029  4.51972  3.87277  8.39043 -0.31619  7.24057 -7.56276  8.97136 -0.68793
23  H    4.44504  2.32690  0.26573 -0.54279  0.86885  0.59943  0.00695 -0.73573  2.47934
24  H    8.98577  0.79684  9.89352  0.01931  3.55847 -0.05041 -0.87848  0.78522  0.02418
25  H   -2.28112 -0.67655 -0.85544  9.63606 -4.53969  9.16521 -0.08542 -0.91657  8.92190
26  C    5.39746  0.47299 -0.31187 -6.79029 -0.11214  0.67924  9.72565  5.97171  3.18484
27  H   -2.85502  0.16523  0.39169 -0.17403 -8.40578 -0.10177 -0.74775  0.35731 -0.16932
28  H   -7.10031  6.90295 -3.80573 -6.38683 -0.42972  4.93244  0.52526 -9.01578  0.90410
29  C    0.51925 -0.84689 -5.60760  7.35657 -0.78480  0.75442 -8.44230 -2.96785  0.05107
30  H   -0.97421 -0.74878  0.06718 -2.05333 -0.65274 -2.13323 -7.88306  9.80333 -7.34568
31  C   -7.52135  0.38585 -3.54775 -0.13449 -4.10091 -7.12440  0.90908  7.75454 -1.99734
32  C    2.16341  0.10638 -6.47617 -0.46540  3.81430  0.65830  3.89901  0.41574 -7.20971
33  C    6.65784 -0.11187 -0.15085 -2.41264  0.75268 -5.51723  0.83317  0.48761  1.39995
34  H   -0.52109  2.43433 -0.94472  0.30952 -0.56176 -8.67198  0.89938 -0.05214 -5.85974
35  C   -5.35640 -8.33873 -7.39103 -0.44886 -0.67919  0.22422  5.08290  5.68081 -1.64309
36  C    0.46782 -0.90706 -0.42906 -0.44849 -0.79096  0.71636 -0.04998  0.71248  2.87706
37  H   -0.18356  0.96391 -0.31707  5.26672  0.94860 -0.13770  0.32950  4.48963 -4.21288
38  C    0.09664  0.16569  0.99811  6.18604 -1.33333 -7.14489 -0.65573 -0.06430 -0.44561
39  H    0.26522 -8.51946 -9.34131 -9.93681  5.49648 -0.57575  0.39557 -5.11720 -0.45810
40  C    0.93776 -2.21948 -0.63849  3.50309 -0.04566 -0.69060 -9.67233  0.11211  0.12766
41  H   -0.53489  9.38400  3.97368  0.57033 -0.14766 -3.24494  0.73118  5.25540  0.26846
42  C   -0.10868 -5.62260  1.67284 -0.04350  6.07853 -0.59470  0.00316  6.48337 -2.64095
43  H    1.44264 -0.87825 -0.75660 -3.86240  2.88777 -6.92584  8.42515  0.77062  0.89420
44  H    0.84731 -0.68241 -0.70801 -7.60357 -0.88884 -0.77246  5.02349 -0.00267 -1.88769
SCF GIAO Magnetic shielding tensor (ppm):
1        2        3        4        5        6        7        8        9
45  C   -8.20533  0.61169  7.08513  0.23538 -0.78302  4.92824  0.60611  0.25986  0.70306
46  H   -0.19877 -0.39180 -0.79523  1.50360 -0.21475 -3.10305 -4.07922  2.57836 -2.88340
47  H    6.32365 -0.86340 -4.84679  0.45989 -0.52353 -0.22506  4.91109  0.24226  0.01604
48  C   -0.37020  5.03224  0.52289 -0.32370  0.21037  5.20165  0.03777 -0.54544  0.27670
49  C    8.98020  1.28592 -0.96388 -0.20656  0.27710  0.28957 -0.88521  4.07090  0.41338
50  C   -0.86499  2.28755  0.90069  0.06439  0.78158 -8.48954  0.53080 -9.06327  0.71622
51  C    0.07520  9.45688 -5.56250  0.11259 -5.78644 -0.67935  0.13147  0.76740  0.29015
52  H   -0.73205 -0.54160 -7.48268  3.76337 -4.02349  9.40364 -7.56019 -9.48285  0.83270
53  H    1.88589  0.42739 -7.18579 -1.13520  0.85985 -0.81081  0.45474  3.84902 -0.25490
54  H   -0.65055 -0.22759 -6.95576 -0.62241  0.68326  7.27623  7.20542 -0.20218  5.76749
55  H    0.74437 -0.21642 -3.15063 -0.26762 -4.19762 -0.52458 -0.18701  0.02504  8.02941
56  C   -0.37358 -4.34156  0.49086 -0.24050 -4.55401 -0.27730  0.09628 -0.50720  9.36025
57  C   -0.38092  8.16727 -0.61754 -6.95379 -0.17057  5.74408 -3.61686  0.37918  9.69830
58  C   -0.83940  0.93747  1.69067 -3.05093  0.05820 -0.27193  0.65514 -0.83959  1.57442
59  H   -7.18150 -5.22557  3.62337 -0.48322  6.69162  5.84919 -0.71126 -0.37986  1.22317
60  C    7.17404 -0.08803 -8.21451 -0.27298  0.69319  6.94342  0.71812  0.34479 -0.69727
1  H    0.34997  0.75339  0.53746  0.97248  8.64858 -4.68356 -0.39622  2.91144  0.72954
2  C    0.98820 -0.04475  7.29184  0.99165  0.66872 -0.39083 -0.13453 -7.69187 -8.62689
3  H    4.77769  0.89147  8.58668  0.47813 -8.92121  9.20756 -0.20670 -4.72008 -0.59123
4  C    1.45833 -9.35322  0.62344  0.77274 -1.66444  7.19479  4.92233 -7.49417  0.35255
5  C    0.57882  9.53421 -0.57527  0.17447 -4.28935  6.28798 -3.40218  0.61463 -0.18566
6  H    7.33505 -0.41144  8.11934 -6.08728  9.06824 -9.13014  6.97188 -0.23788 -0.87870
7  C    3.81507 -0.29533  0.26035 -4.45293  0.79763 -0.87509 -8.46168 -1.27941  0.85983
